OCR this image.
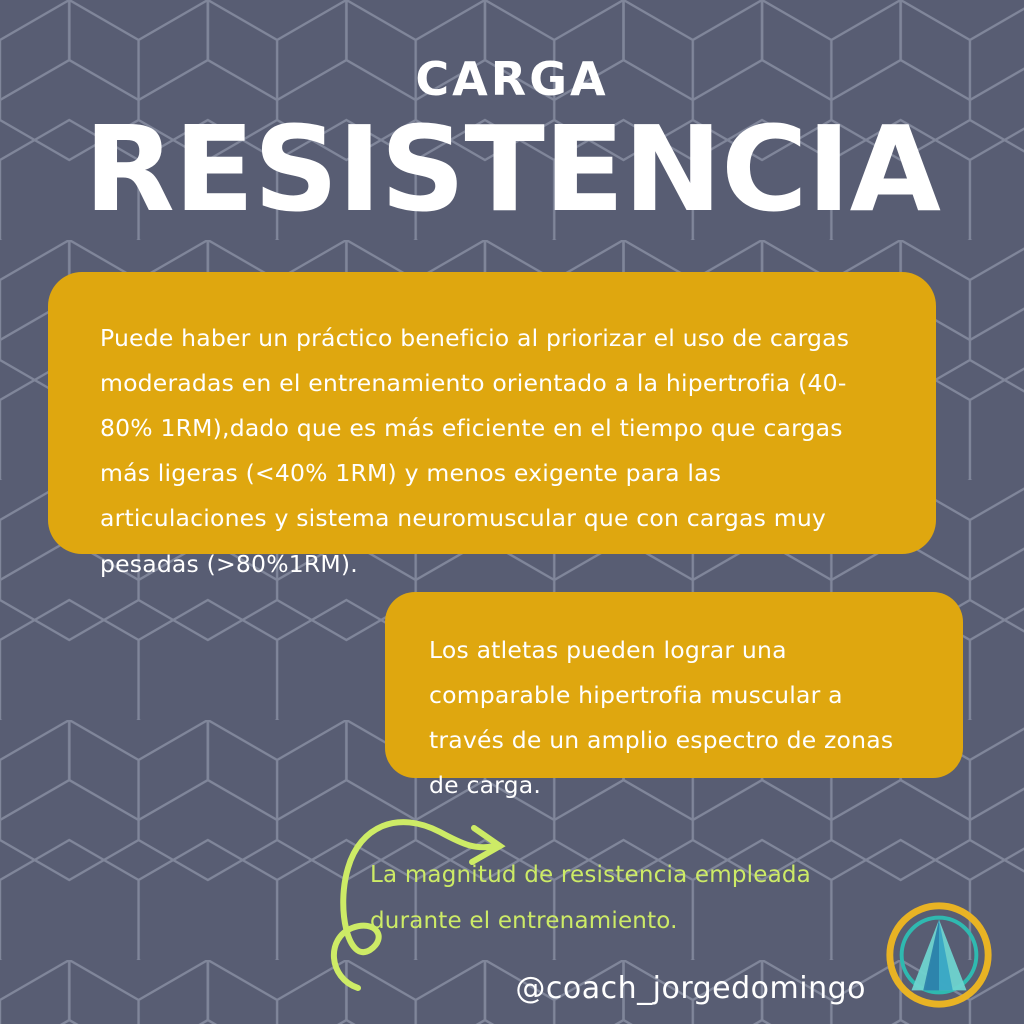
CARGA
RESISTENCIA

Puede haber un práctico beneficio al priorizar el uso de cargas moderadas en el entrenamiento orientado a la hipertrofia (40-80% 1RM),dado que es más eficiente en el tiempo que cargas más ligeras (<40% 1RM) y menos exigente para las articulaciones y sistema neuromuscular que con cargas muy pesadas (>80%1RM).

Los atletas pueden lograr una comparable hipertrofia muscular a través de un amplio espectro de zonas de carga.

La magnitud de resistencia empleada durante el entrenamiento.
@coach_jorgedomingo
